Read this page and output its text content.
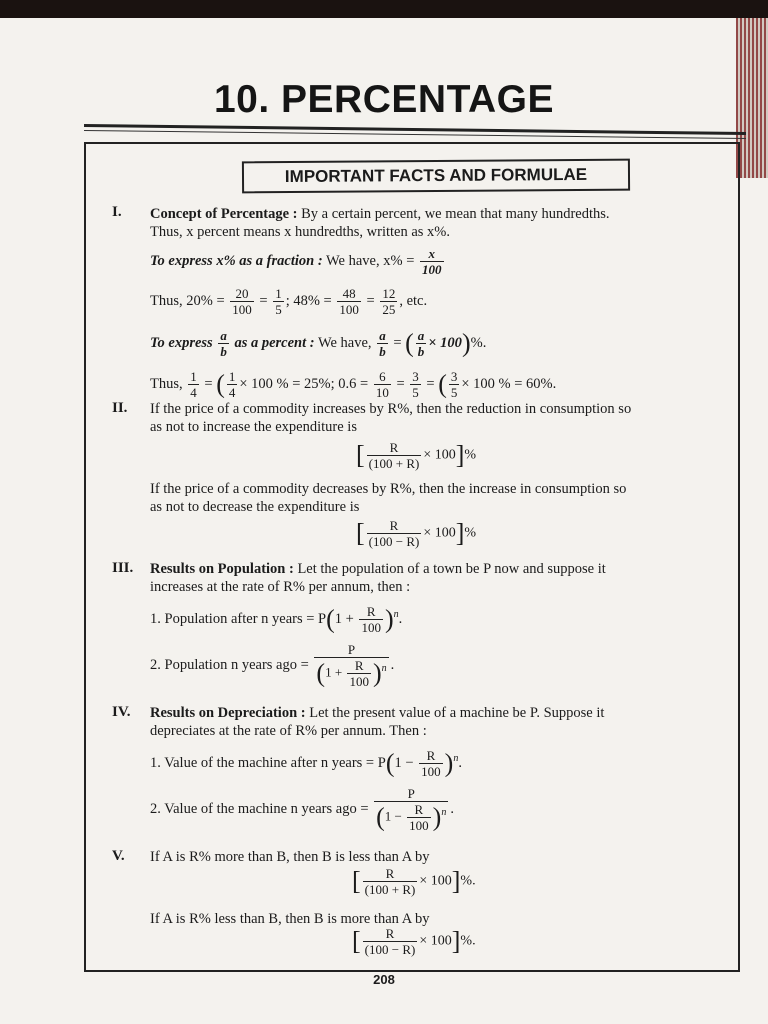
10. PERCENTAGE
IMPORTANT FACTS AND FORMULAE
I. Concept of Percentage : By a certain percent, we mean that many hundredths.
Thus, x percent means x hundredths, written as x%.
To express x% as a fraction : We have, $x\% = \frac{x}{100}$
Thus, $20\% = \frac{20}{100} = \frac{1}{5}$ ; $48\% = \frac{48}{100} = \frac{12}{25}$ , etc.
To express $\frac{a}{b}$ as a percent : We have, $\frac{a}{b}$ = ( $\frac{a}{b} \times 100)\%$.
Thus, $\frac{1}{4}$ = ( $\frac{1}{4} \times 100$ % = 25%; $0.6 = \frac{6}{10} = \frac{3}{5}$ = ( $\frac{3}{5} \times 100$ % = 60%.
II. If the price of a commodity increases by R%, then the reduction in consumption so
as not to increase the expenditure is
[ $\frac{R}{(100 + R)} \times 100]\%$
If the price of a commodity decreases by R%, then the increase in consumption so
as not to decrease the expenditure is
[ $\frac{R}{(100 - R)} \times 100]\%$
III. Results on Population : Let the population of a town be P now and suppose it
increases at the rate of R% per annum, then :
1. Population after n years = $P(1 + \frac{R}{100} )^n$.
2. Population n years ago = $\frac{P}{(1 + \frac{R}{100} )^n}$ .
IV. Results on Depreciation : Let the present value of a machine be P. Suppose it
depreciates at the rate of R% per annum. Then :
1. Value of the machine after n years = $P(1 - \frac{R}{100} )^n$.
2. Value of the machine n years ago = $\frac{P}{(1 - \frac{R}{100} )^n}$ .
V. If A is R% more than B, then B is less than A by
[ $\frac{R}{(100 + R)} \times 100]\%$.
If A is R% less than B, then B is more than A by
[ $\frac{R}{(100 - R)} \times 100]\%$.
208
